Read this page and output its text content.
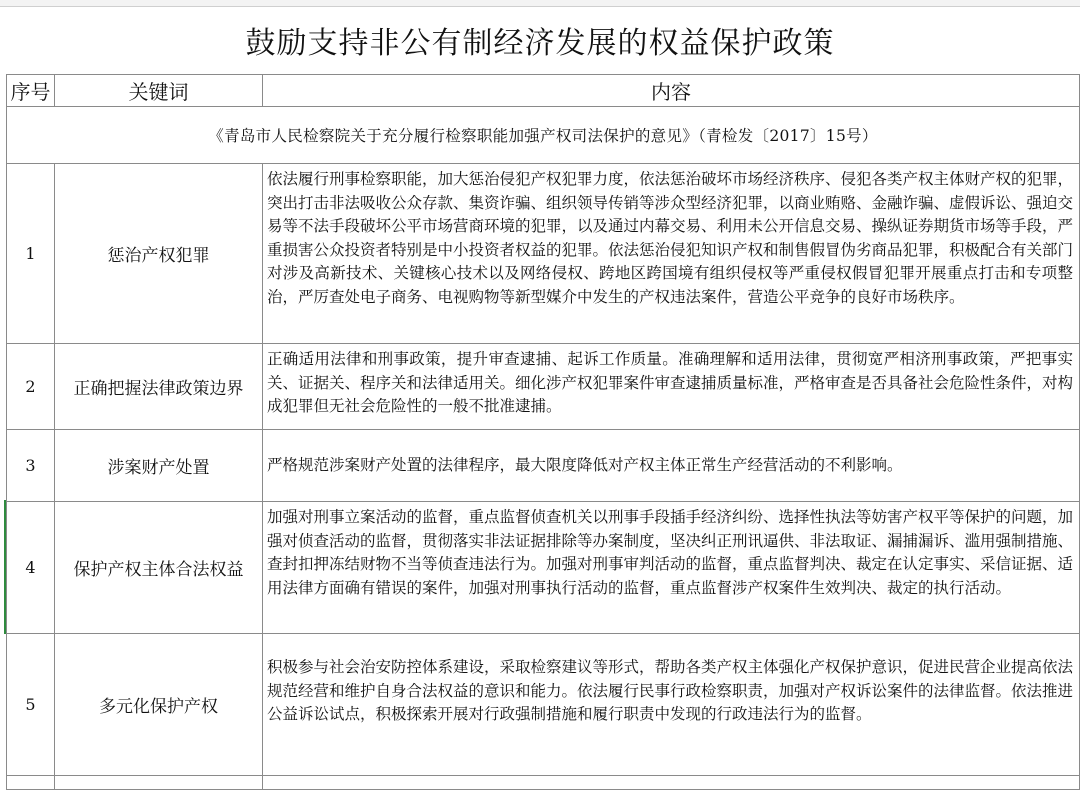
鼓励支持非公有制经济发展的权益保护政策
序号	关键词	内容
《青岛市人民检察院关于充分履行检察职能加强产权司法保护的意见》（青检发〔2017〕15号）		
1	惩治产权犯罪	依法履行刑事检察职能，加大惩治侵犯产权犯罪力度，依法惩治破坏市场经济秩序、侵犯各类产权主体财产权的犯罪，突出打击非法吸收公众存款、集资诈骗、组织领导传销等涉众型经济犯罪，以商业贿赂、金融诈骗、虚假诉讼、强迫交易等不法手段破坏公平市场营商环境的犯罪，以及通过内幕交易、利用未公开信息交易、操纵证券期货市场等手段，严重损害公众投资者特别是中小投资者权益的犯罪。依法惩治侵犯知识产权和制售假冒伪劣商品犯罪，积极配合有关部门对涉及高新技术、关键核心技术以及网络侵权、跨地区跨国境有组织侵权等严重侵权假冒犯罪开展重点打击和专项整治，严厉查处电子商务、电视购物等新型媒介中发生的产权违法案件，营造公平竞争的良好市场秩序。
2	正确把握法律政策边界	正确适用法律和刑事政策，提升审查逮捕、起诉工作质量。准确理解和适用法律，贯彻宽严相济刑事政策，严把事实关、证据关、程序关和法律适用关。细化涉产权犯罪案件审查逮捕质量标准，严格审查是否具备社会危险性条件，对构成犯罪但无社会危险性的一般不批准逮捕。
3	涉案财产处置	严格规范涉案财产处置的法律程序，最大限度降低对产权主体正常生产经营活动的不利影响。
4	保护产权主体合法权益	加强对刑事立案活动的监督，重点监督侦查机关以刑事手段插手经济纠纷、选择性执法等妨害产权平等保护的问题，加强对侦查活动的监督，贯彻落实非法证据排除等办案制度，坚决纠正刑讯逼供、非法取证、漏捕漏诉、滥用强制措施、查封扣押冻结财物不当等侦查违法行为。加强对刑事审判活动的监督，重点监督判决、裁定在认定事实、采信证据、适用法律方面确有错误的案件，加强对刑事执行活动的监督，重点监督涉产权案件生效判决、裁定的执行活动。
5	多元化保护产权	积极参与社会治安防控体系建设，采取检察建议等形式，帮助各类产权主体强化产权保护意识，促进民营企业提高依法规范经营和维护自身合法权益的意识和能力。依法履行民事行政检察职责，加强对产权诉讼案件的法律监督。依法推进公益诉讼试点，积极探索开展对行政强制措施和履行职责中发现的行政违法行为的监督。
